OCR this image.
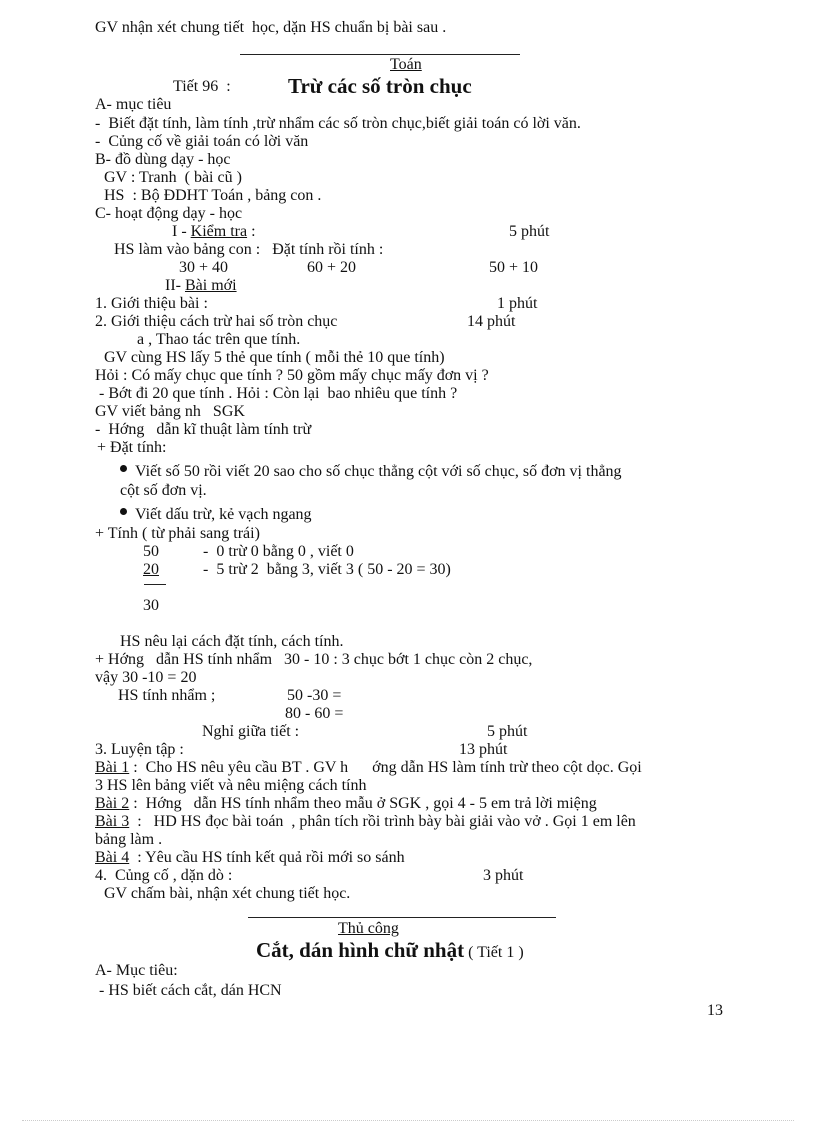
GV nhận xét chung tiết  học, dặn HS chuẩn bị bài sau .
Toán
Tiết 96  :	Trừ các số tròn chục
A- mục tiêu
-  Biết đặt tính, làm tính ,trừ nhẩm các số tròn chục,biết giải toán có lời văn.
-  Củng cố về giải toán có lời văn
B- đồ dùng dạy - học
GV : Tranh  ( bài cũ )
HS  : Bộ ĐDHT Toán , bảng con .
C- hoạt động dạy - học
I - Kiểm tra :	5 phút
HS làm vào bảng con :   Đặt tính rồi tính :
30 + 40	60 + 20	50 + 10
II- Bài mới
1. Giới thiệu bài :	1 phút
2. Giới thiệu cách trừ hai số tròn chục	14 phút
a , Thao tác trên que tính.
GV cùng HS lấy 5 thẻ que tính ( mỗi thẻ 10 que tính)
Hỏi : Có mấy chục que tính ? 50 gồm mấy chục mấy đơn vị ?
- Bớt đi 20 que tính . Hỏi : Còn lại  bao nhiêu que tính ?
GV viết bảng nh   SGK
-  Hớng   dẫn kĩ thuật làm tính trừ
+ Đặt tính:
Viết số 50 rồi viết 20 sao cho số chục thẳng cột với số chục, số đơn vị thẳng
cột số đơn vị.
Viết dấu trừ, kẻ vạch ngang
+ Tính ( từ phải sang trái)
50	-  0 trừ 0 bằng 0 , viết 0
20	-  5 trừ 2  bằng 3, viết 3 ( 50 - 20 = 30)
30
HS nêu lại cách đặt tính, cách tính.
+ Hớng   dẫn HS tính nhẩm   30 - 10 : 3 chục bớt 1 chục còn 2 chục,
vậy 30 -10 = 20
HS tính nhẩm ;	50 -30 =
80 - 60 =
Nghỉ giữa tiết :	5 phút
3. Luyện tập :	13 phút
Bài 1 :  Cho HS nêu yêu cầu BT . GV h      ớng dẫn HS làm tính trừ theo cột dọc. Gọi
3 HS lên bảng viết và nêu miệng cách tính
Bài 2 :  Hớng   dẫn HS tính nhẩm theo mẫu ở SGK , gọi 4 - 5 em trả lời miệng
Bài 3  :   HD HS đọc bài toán  , phân tích rồi trình bày bài giải vào vở . Gọi 1 em lên
bảng làm .
Bài 4  : Yêu cầu HS tính kết quả rồi mới so sánh
4.  Củng cố , dặn dò :	3 phút
GV chấm bài, nhận xét chung tiết học.
Thủ công
Cắt, dán hình chữ nhật ( Tiết 1 )
A- Mục tiêu:
- HS biết cách cắt, dán HCN
13
